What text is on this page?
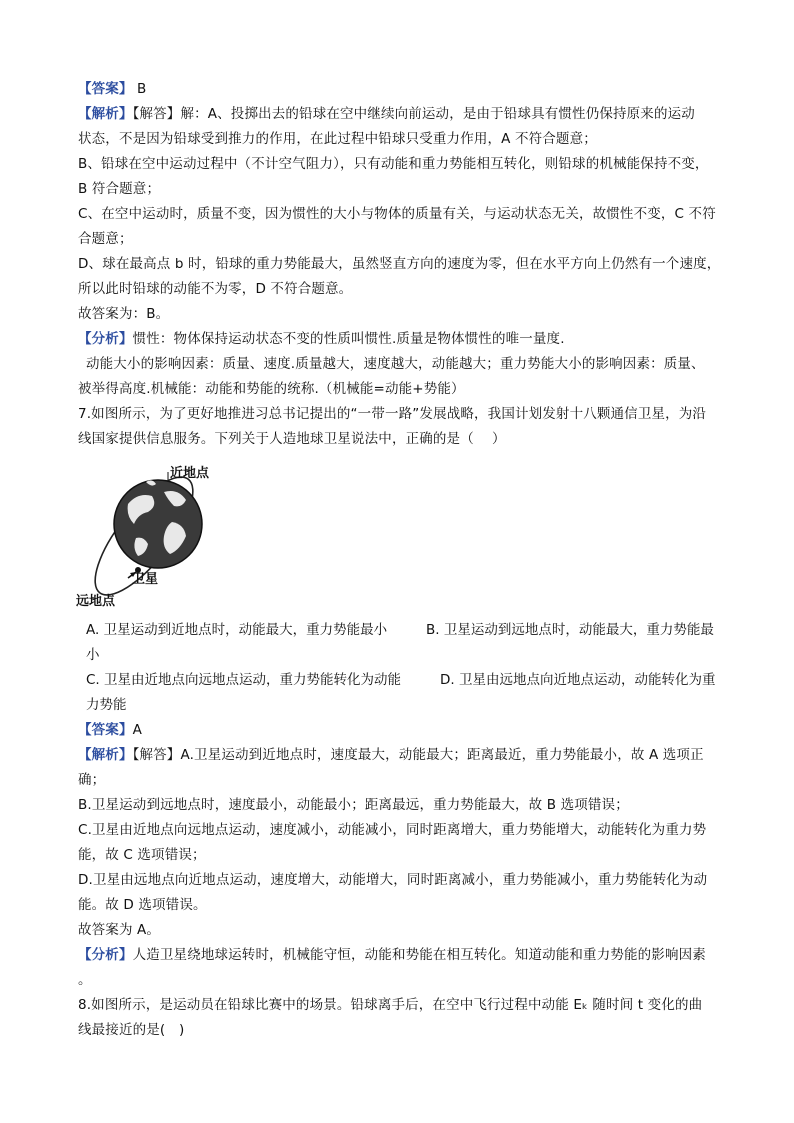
【答案】 B
【解析】【解答】解：A、投掷出去的铅球在空中继续向前运动，是由于铅球具有惯性仍保持原来的运动
状态，不是因为铅球受到推力的作用，在此过程中铅球只受重力作用，A 不符合题意；
B、铅球在空中运动过程中（不计空气阻力），只有动能和重力势能相互转化，则铅球的机械能保持不变，
B 符合题意；
C、在空中运动时，质量不变，因为惯性的大小与物体的质量有关，与运动状态无关，故惯性不变，C 不符
合题意；
D、球在最高点 b 时，铅球的重力势能最大，虽然竖直方向的速度为零，但在水平方向上仍然有一个速度，
所以此时铅球的动能不为零，D 不符合题意。
故答案为：B。
【分析】惯性：物体保持运动状态不变的性质叫惯性.质量是物体惯性的唯一量度.
动能大小的影响因素：质量、速度.质量越大，速度越大，动能越大；重力势能大小的影响因素：质量、
被举得高度.机械能：动能和势能的统称.（机械能=动能+势能）
7.如图所示，为了更好地推进习总书记提出的“一带一路”发展战略，我国计划发射十八颗通信卫星，为沿
线国家提供信息服务。下列关于人造地球卫星说法中，正确的是（　 ）
近地点
卫星
远地点
A. 卫星运动到近地点时，动能最大，重力势能最小	B. 卫星运动到远地点时，动能最大，重力势能最
小
C. 卫星由近地点向远地点运动，重力势能转化为动能	D. 卫星由远地点向近地点运动，动能转化为重
力势能
【答案】A
【解析】【解答】A.卫星运动到近地点时，速度最大，动能最大；距离最近，重力势能最小，故 A 选项正
确；
B.卫星运动到远地点时，速度最小，动能最小；距离最远，重力势能最大，故 B 选项错误；
C.卫星由近地点向远地点运动，速度减小，动能减小，同时距离增大，重力势能增大，动能转化为重力势
能，故 C 选项错误；
D.卫星由远地点向近地点运动，速度增大，动能增大，同时距离减小，重力势能减小，重力势能转化为动
能。故 D 选项错误。
故答案为 A。
【分析】人造卫星绕地球运转时，机械能守恒，动能和势能在相互转化。知道动能和重力势能的影响因素
。
8.如图所示，是运动员在铅球比赛中的场景。铅球离手后，在空中飞行过程中动能 Eₖ 随时间 t 变化的曲
线最接近的是(　)
